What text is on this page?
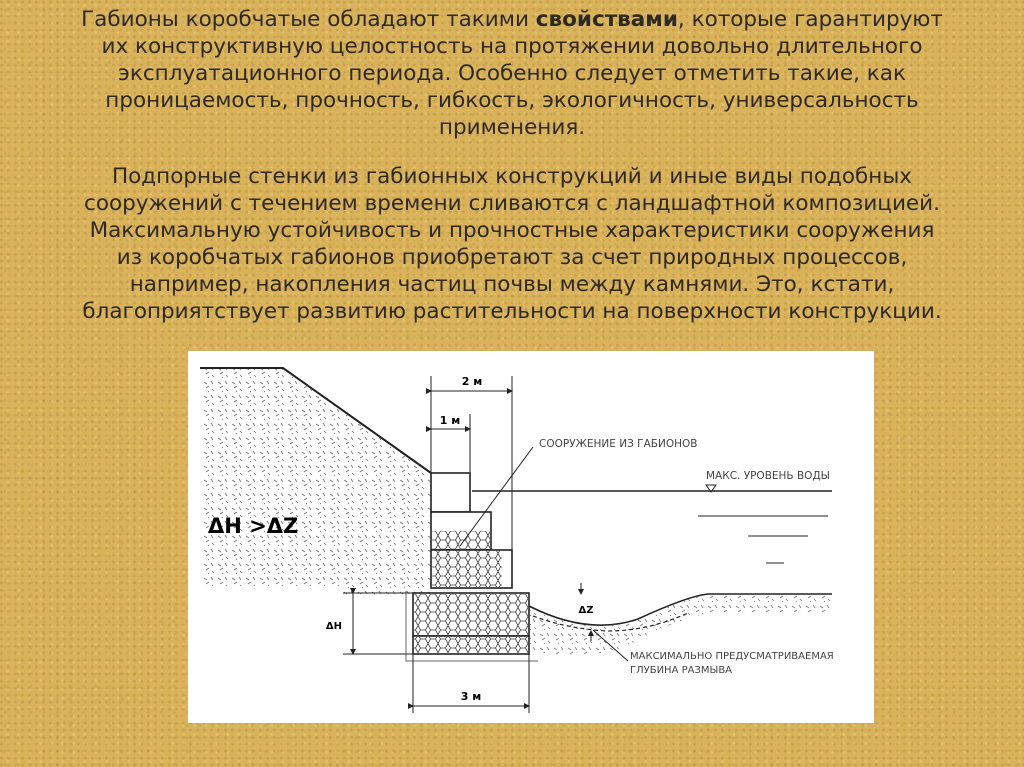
Габионы коробчатые обладают такими свойствами, которые гарантируют
их конструктивную целостность на протяжении довольно длительного
эксплуатационного периода. Особенно следует отметить такие, как
проницаемость, прочность, гибкость, экологичность, универсальность
применения.
Подпорные стенки из габионных конструкций и иные виды подобных
сооружений с течением времени сливаются с ландшафтной композицией.
Максимальную устойчивость и прочностные характеристики сооружения
из коробчатых габионов приобретают за счет природных процессов,
например, накопления частиц почвы между камнями. Это, кстати,
благоприятствует развитию растительности на поверхности конструкции.
2 м
1 м
3 м
ΔH
ΔZ
ΔH >ΔZ
СООРУЖЕНИЕ ИЗ ГАБИОНОВ
МАКС. УРОВЕНЬ ВОДЫ
МАКСИМАЛЬНО ПРЕДУСМАТРИВАЕМАЯ
ГЛУБИНА РАЗМЫВА
